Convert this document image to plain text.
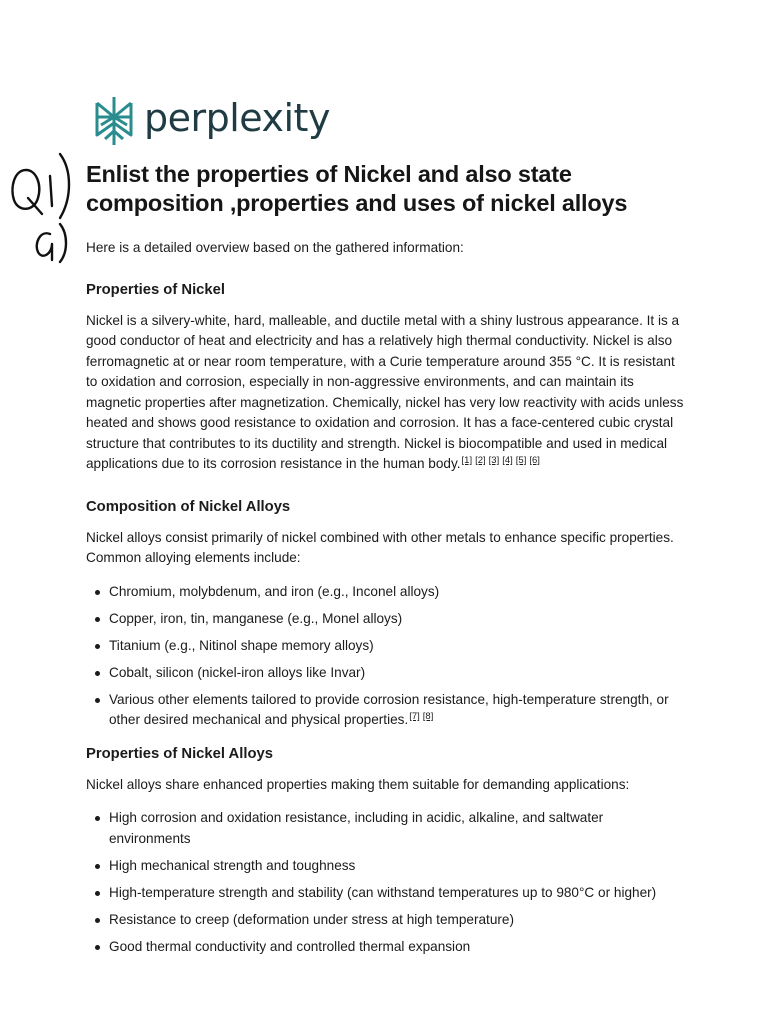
perplexity
Enlist the properties of Nickel and also state composition ,properties and uses of nickel alloys

Here is a detailed overview based on the gathered information:

Properties of Nickel

Nickel is a silvery-white, hard, malleable, and ductile metal with a shiny lustrous appearance. It is a good conductor of heat and electricity and has a relatively high thermal conductivity. Nickel is also ferromagnetic at or near room temperature, with a Curie temperature around 355 °C. It is resistant to oxidation and corrosion, especially in non-aggressive environments, and can maintain its magnetic properties after magnetization. Chemically, nickel has very low reactivity with acids unless heated and shows good resistance to oxidation and corrosion. It has a face-centered cubic crystal structure that contributes to its ductility and strength. Nickel is biocompatible and used in medical applications due to its corrosion resistance in the human body.[1] [2] [3] [4] [5] [6]

Composition of Nickel Alloys

Nickel alloys consist primarily of nickel combined with other metals to enhance specific properties. Common alloying elements include:

Chromium, molybdenum, and iron (e.g., Inconel alloys)
Copper, iron, tin, manganese (e.g., Monel alloys)
Titanium (e.g., Nitinol shape memory alloys)
Cobalt, silicon (nickel-iron alloys like Invar)
Various other elements tailored to provide corrosion resistance, high-temperature strength, or other desired mechanical and physical properties.[7] [8]
Properties of Nickel Alloys

Nickel alloys share enhanced properties making them suitable for demanding applications:

High corrosion and oxidation resistance, including in acidic, alkaline, and saltwater environments
High mechanical strength and toughness
High-temperature strength and stability (can withstand temperatures up to 980°C or higher)
Resistance to creep (deformation under stress at high temperature)
Good thermal conductivity and controlled thermal expansion
